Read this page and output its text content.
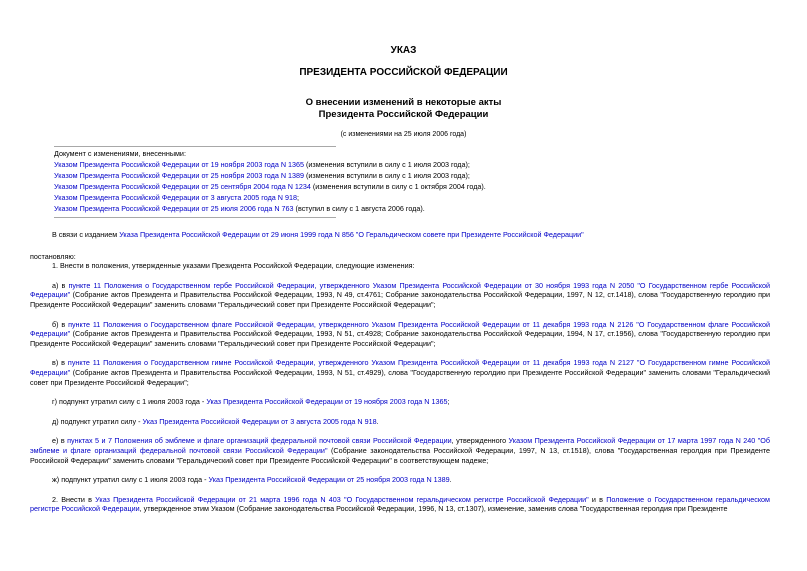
УКАЗ
ПРЕЗИДЕНТА РОССИЙСКОЙ ФЕДЕРАЦИИ
О внесении изменений в некоторые акты
Президента Российской Федерации
(с изменениями на 25 июля 2006 года)
Документ с изменениями, внесенными:
Указом Президента Российской Федерации от 19 ноября 2003 года N 1365 (изменения вступили в силу с 1 июля 2003 года);
Указом Президента Российской Федерации от 25 ноября 2003 года N 1389 (изменения вступили в силу с 1 июля 2003 года);
Указом Президента Российской Федерации от 25 сентября 2004 года N 1234 (изменения вступили в силу с 1 октября 2004 года).
Указом Президента Российской Федерации от 3 августа 2005 года N 918;
Указом Президента Российской Федерации от 25 июля 2006 года N 763 (вступил в силу с 1 августа 2006 года).
В связи с изданием Указа Президента Российской Федерации от 29 июня 1999 года N 856 "О Геральдическом совете при Президенте Российской Федерации"
постановляю:
1. Внести в положения, утвержденные указами Президента Российской Федерации, следующие изменения:
а) в пункте 11 Положения о Государственном гербе Российской Федерации, утвержденного Указом Президента Российской Федерации от 30 ноября 1993 года N 2050 "О Государственном гербе Российской Федерации" (Собрание актов Президента и Правительства Российской Федерации, 1993, N 49, ст.4761; Собрание законодательства Российской Федерации, 1997, N 12, ст.1418), слова "Государственную геролдию при Президенте Российской Федерации" заменить словами "Геральдический совет при Президенте Российской Федерации";
б) в пункте 11 Положения о Государственном флаге Российской Федерации, утвержденного Указом Президента Российской Федерации от 11 декабря 1993 года N 2126 "О Государственном флаге Российской Федерации" (Собрание актов Президента и Правительства Российской Федерации, 1993, N 51, ст.4928; Собрание законодательства Российской Федерации, 1994, N 17, ст.1956), слова "Государственную геролдию при Президенте Российской Федерации" заменить словами "Геральдический совет при Президенте Российской Федерации";
в) в пункте 11 Положения о Государственном гимне Российской Федерации, утвержденного Указом Президента Российской Федерации от 11 декабря 1993 года N 2127 "О Государственном гимне Российской Федерации" (Собрание актов Президента и Правительства Российской Федерации, 1993, N 51, ст.4929), слова "Государственную геролдию при Президенте Российской Федерации" заменить словами "Геральдический совет при Президенте Российской Федерации";
г) подпункт утратил силу с 1 июля 2003 года - Указ Президента Российской Федерации от 19 ноября 2003 года N 1365;
д) подпункт утратил силу - Указ Президента Российской Федерации от 3 августа 2005 года N 918.
е) в пунктах 5 и 7 Положения об эмблеме и флаге организаций федеральной почтовой связи Российской Федерации, утвержденного Указом Президента Российской Федерации от 17 марта 1997 года N 240 "Об эмблеме и флаге организаций федеральной почтовой связи Российской Федерации" (Собрание законодательства Российской Федерации, 1997, N 13, ст.1518), слова "Государственная геролдия при Президенте Российской Федерации" заменить словами "Геральдический совет при Президенте Российской Федерации" в соответствующем падеже;
ж) подпункт утратил силу с 1 июля 2003 года - Указ Президента Российской Федерации от 25 ноября 2003 года N 1389.
2. Внести в Указ Президента Российской Федерации от 21 марта 1996 года N 403 "О Государственном геральдическом регистре Российской Федерации" и в Положение о Государственном геральдическом регистре Российской Федерации, утвержденное этим Указом (Собрание законодательства Российской Федерации, 1996, N 13, ст.1307), изменение, заменив слова "Государственная геролдия при Президенте
